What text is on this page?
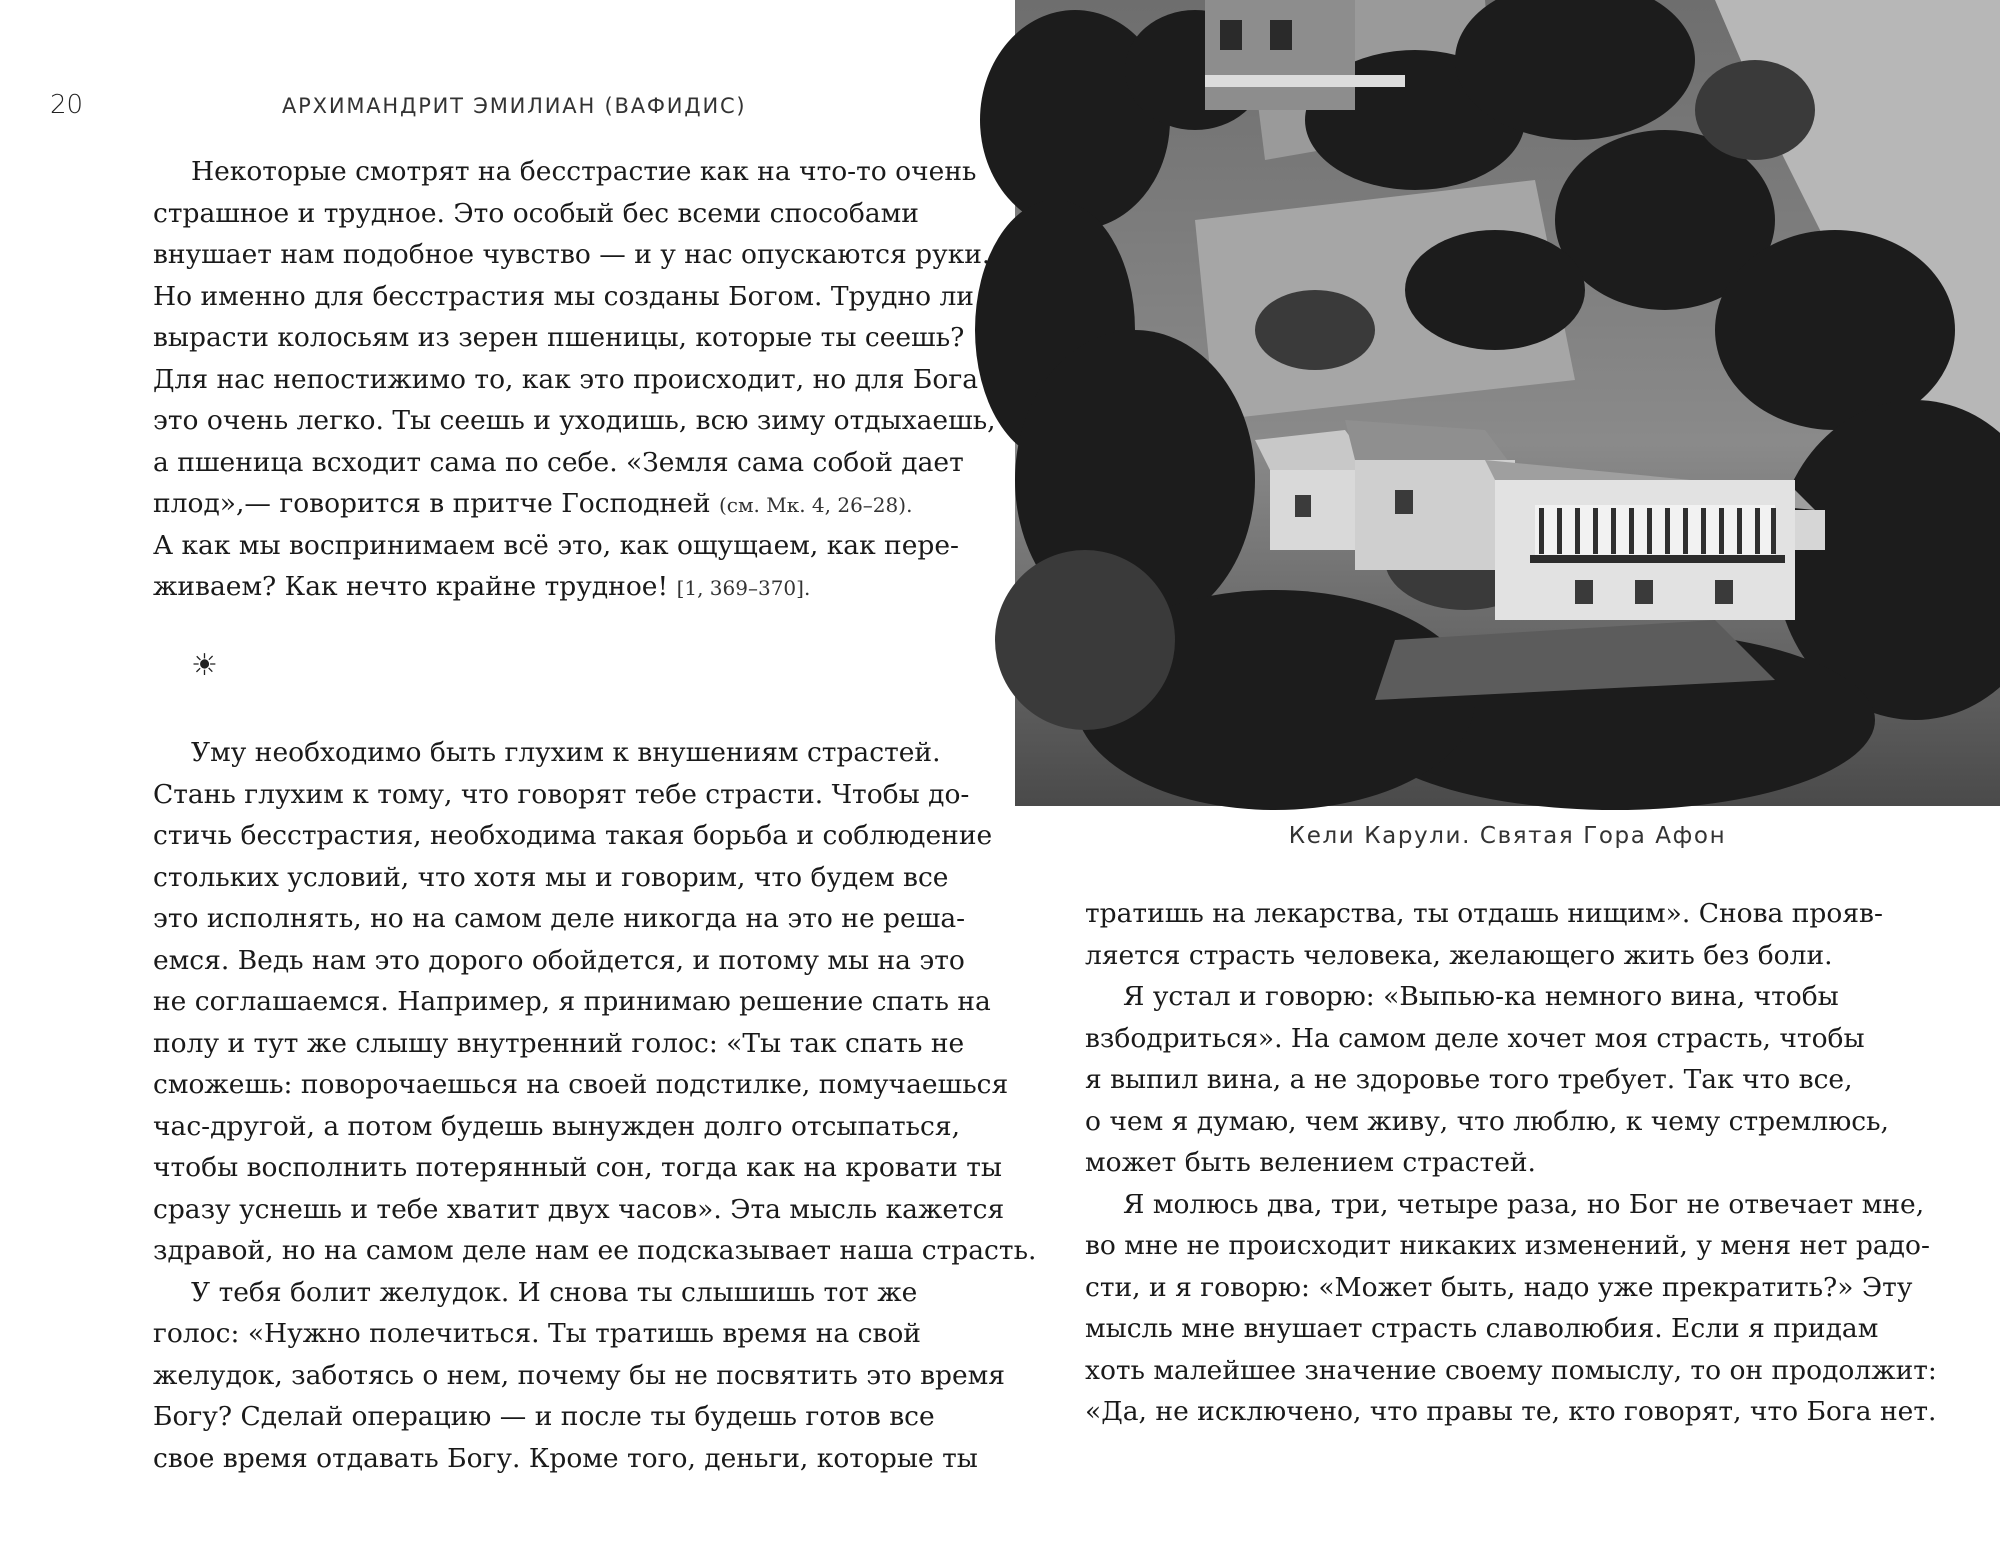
20	АРХИМАНДРИТ ЭМИЛИАН (ВАФИДИС)
Некоторые смотрят на бесстрастие как на что-то очень
страшное и трудное. Это особый бес всеми способами
внушает нам подобное чувство — и у нас опускаются руки.
Но именно для бесстрастия мы созданы Богом. Трудно ли
вырасти колосьям из зерен пшеницы, которые ты сеешь?
Для нас непостижимо то, как это происходит, но для Бога
это очень легко. Ты сеешь и уходишь, всю зиму отдыхаешь,
а пшеница всходит сама по себе. «Земля сама собой дает
плод»,— говорится в притче Господней (см. Мк. 4, 26–28).
А как мы воспринимаем всё это, как ощущаем, как пере-
живаем? Как нечто крайне трудное! [1, 369–370].
Уму необходимо быть глухим к внушениям страстей.
Стань глухим к тому, что говорят тебе страсти. Чтобы до-
стичь бесстрастия, необходима такая борьба и соблюдение
стольких условий, что хотя мы и говорим, что будем все
это исполнять, но на самом деле никогда на это не реша-
емся. Ведь нам это дорого обойдется, и потому мы на это
не соглашаемся. Например, я принимаю решение спать на
полу и тут же слышу внутренний голос: «Ты так спать не
сможешь: поворочаешься на своей подстилке, помучаешься
час-другой, а потом будешь вынужден долго отсыпаться,
чтобы восполнить потерянный сон, тогда как на кровати ты
сразу уснешь и тебе хватит двух часов». Эта мысль кажется
здравой, но на самом деле нам ее подсказывает наша страсть.
У тебя болит желудок. И снова ты слышишь тот же
голос: «Нужно полечиться. Ты тратишь время на свой
желудок, заботясь о нем, почему бы не посвятить это время
Богу? Сделай операцию — и после ты будешь готов все
свое время отдавать Богу. Кроме того, деньги, которые ты
☀
Кели Карули. Святая Гора Афон
тратишь на лекарства, ты отдашь нищим». Снова прояв-
ляется страсть человека, желающего жить без боли.
Я устал и говорю: «Выпью-ка немного вина, чтобы
взбодриться». На самом деле хочет моя страсть, чтобы
я выпил вина, а не здоровье того требует. Так что все,
о чем я думаю, чем живу, что люблю, к чему стремлюсь,
может быть велением страстей.
Я молюсь два, три, четыре раза, но Бог не отвечает мне,
во мне не происходит никаких изменений, у меня нет радо-
сти, и я говорю: «Может быть, надо уже прекратить?» Эту
мысль мне внушает страсть славолюбия. Если я придам
хоть малейшее значение своему помыслу, то он продолжит:
«Да, не исключено, что правы те, кто говорят, что Бога нет.
